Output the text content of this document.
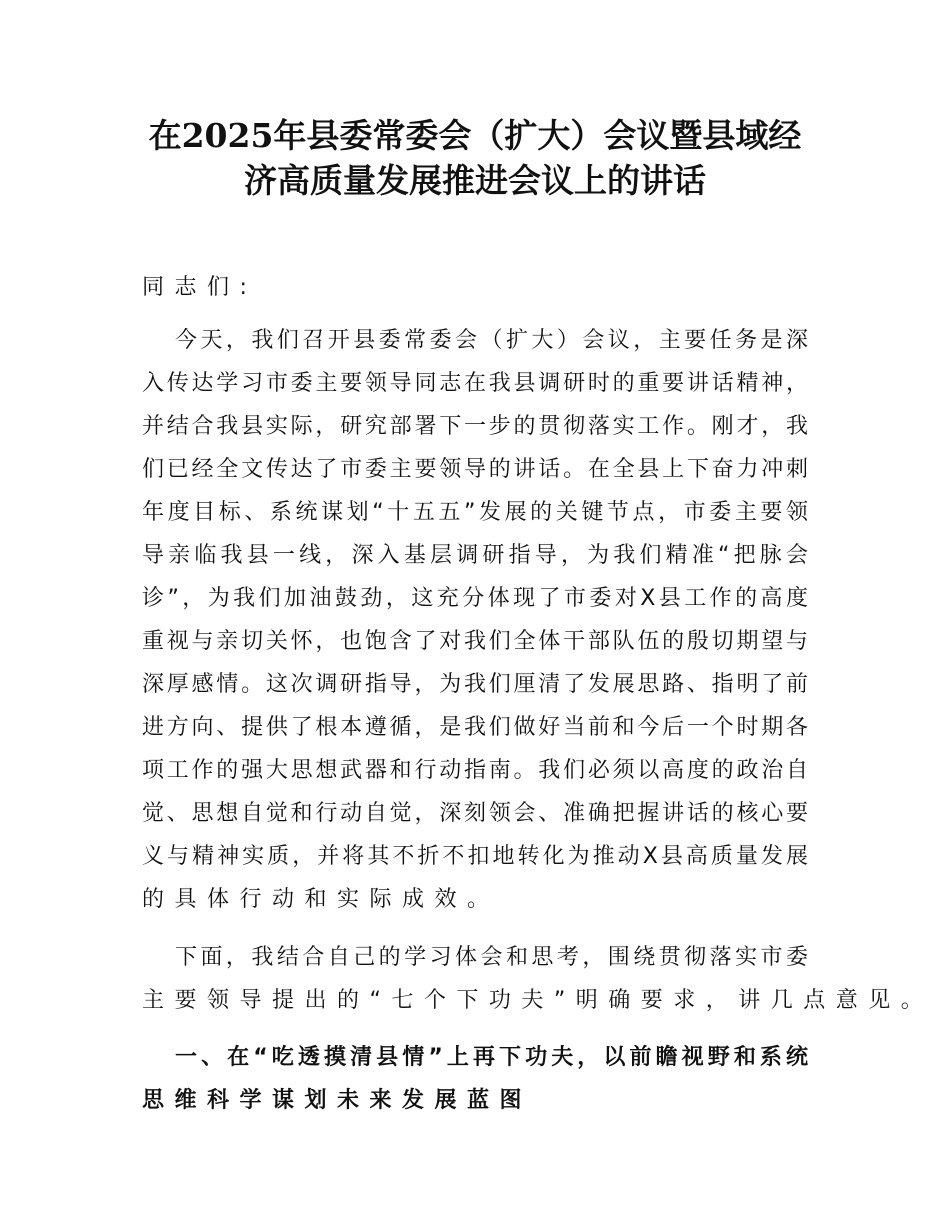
在2025年县委常委会（扩大）会议暨县域经
济高质量发展推进会议上的讲话
同志们:
今天，我们召开县委常委会（扩大）会议，主要任务是深
入传达学习市委主要领导同志在我县调研时的重要讲话精神，
并结合我县实际，研究部署下一步的贯彻落实工作。刚才，我
们已经全文传达了市委主要领导的讲话。在全县上下奋力冲刺
年度目标、系统谋划“十五五”发展的关键节点，市委主要领
导亲临我县一线，深入基层调研指导，为我们精准“把脉会
诊”，为我们加油鼓劲，这充分体现了市委对X县工作的高度
重视与亲切关怀，也饱含了对我们全体干部队伍的殷切期望与
深厚感情。这次调研指导，为我们厘清了发展思路、指明了前
进方向、提供了根本遵循，是我们做好当前和今后一个时期各
项工作的强大思想武器和行动指南。我们必须以高度的政治自
觉、思想自觉和行动自觉，深刻领会、准确把握讲话的核心要
义与精神实质，并将其不折不扣地转化为推动X县高质量发展
的具体行动和实际成效。
下面，我结合自己的学习体会和思考，围绕贯彻落实市委
主要领导提出的“七个下功夫”明确要求，讲几点意见。
一、在“吃透摸清县情”上再下功夫，以前瞻视野和系统
思维科学谋划未来发展蓝图
